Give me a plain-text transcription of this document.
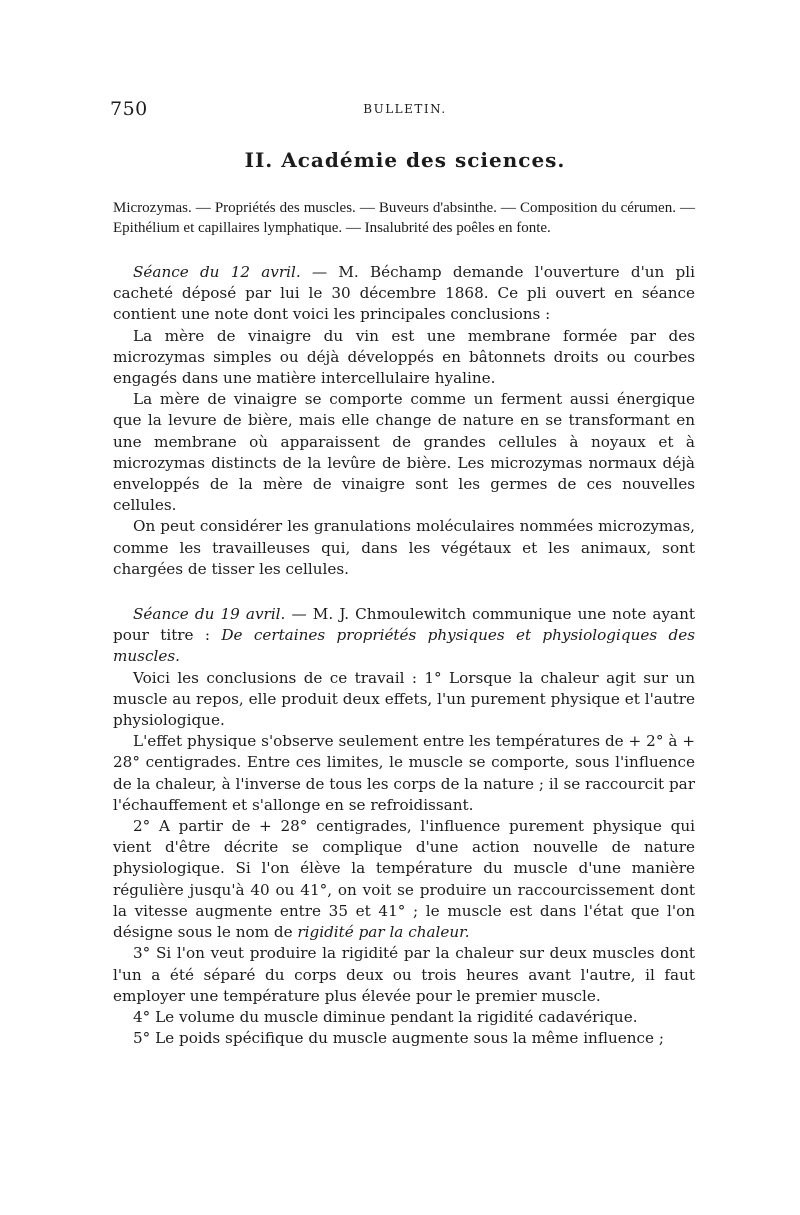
750	BULLETIN.
II. Académie des sciences.
Microzymas. — Propriétés des muscles. — Buveurs d'absinthe. — Composition du cérumen. — Epithélium et capillaires lymphatique. — Insalubrité des poêles en fonte.

Séance du 12 avril. — M. Béchamp demande l'ouverture d'un pli cacheté déposé par lui le 30 décembre 1868. Ce pli ouvert en séance contient une note dont voici les principales conclusions :

La mère de vinaigre du vin est une membrane formée par des microzymas simples ou déjà développés en bâtonnets droits ou courbes engagés dans une matière intercellulaire hyaline.

La mère de vinaigre se comporte comme un ferment aussi énergique que la levure de bière, mais elle change de nature en se transformant en une membrane où apparaissent de grandes cellules à noyaux et à microzymas distincts de la levûre de bière. Les microzymas normaux déjà enveloppés de la mère de vinaigre sont les germes de ces nouvelles cellules.

On peut considérer les granulations moléculaires nommées microzymas, comme les travailleuses qui, dans les végétaux et les animaux, sont chargées de tisser les cellules.

Séance du 19 avril. — M. J. Chmoulewitch communique une note ayant pour titre : De certaines propriétés physiques et physiologiques des muscles.

Voici les conclusions de ce travail : 1° Lorsque la chaleur agit sur un muscle au repos, elle produit deux effets, l'un purement physique et l'autre physiologique.

L'effet physique s'observe seulement entre les températures de + 2° à + 28° centigrades. Entre ces limites, le muscle se comporte, sous l'influence de la chaleur, à l'inverse de tous les corps de la nature ; il se raccourcit par l'échauffement et s'allonge en se refroidissant.

2° A partir de + 28° centigrades, l'influence purement physique qui vient d'être décrite se complique d'une action nouvelle de nature physiologique. Si l'on élève la température du muscle d'une manière régulière jusqu'à 40 ou 41°, on voit se produire un raccourcissement dont la vitesse augmente entre 35 et 41° ; le muscle est dans l'état que l'on désigne sous le nom de rigidité par la chaleur.

3° Si l'on veut produire la rigidité par la chaleur sur deux muscles dont l'un a été séparé du corps deux ou trois heures avant l'autre, il faut employer une température plus élevée pour le premier muscle.

4° Le volume du muscle diminue pendant la rigidité cadavérique.

5° Le poids spécifique du muscle augmente sous la même influence ;
